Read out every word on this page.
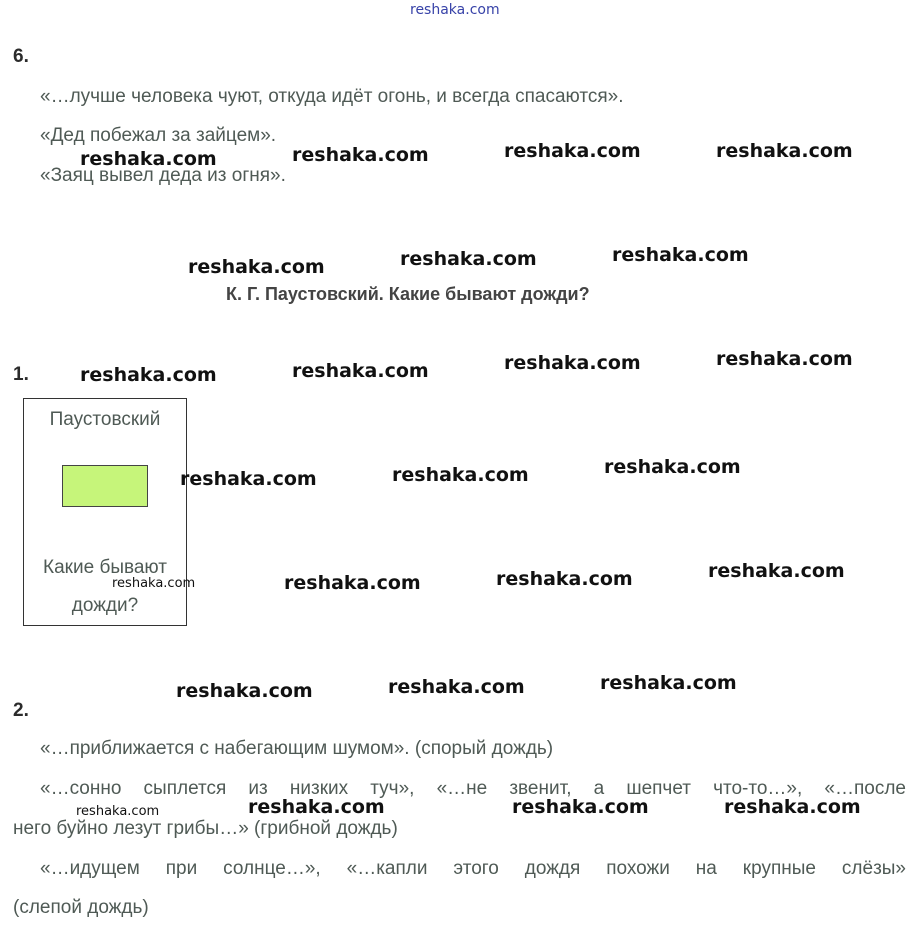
reshaka.com
6.
«…лучше человека чуют, откуда идёт огонь, и всегда спасаются».
«Дед побежал за зайцем».
«Заяц вывел деда из огня».
К. Г. Паустовский. Какие бывают дожди?
1.
Паустовский
Какие бывают дожди?
2.
«…приближается с набегающим шумом». (спорый дождь)
«…сонно сыплется из низких туч», «…не звенит, а шепчет что-то…», «…после
него буйно лезут грибы…» (грибной дождь)
«…идущем при солнце…», «…капли этого дождя похожи на крупные слёзы»
(слепой дождь)
reshaka.com	reshaka.com	reshaka.com	reshaka.com
reshaka.com	reshaka.com	reshaka.com
reshaka.com	reshaka.com	reshaka.com	reshaka.com
reshaka.com	reshaka.com	reshaka.com
reshaka.com	reshaka.com	reshaka.com	reshaka.com
reshaka.com	reshaka.com	reshaka.com
reshaka.com	reshaka.com	reshaka.com	reshaka.com
